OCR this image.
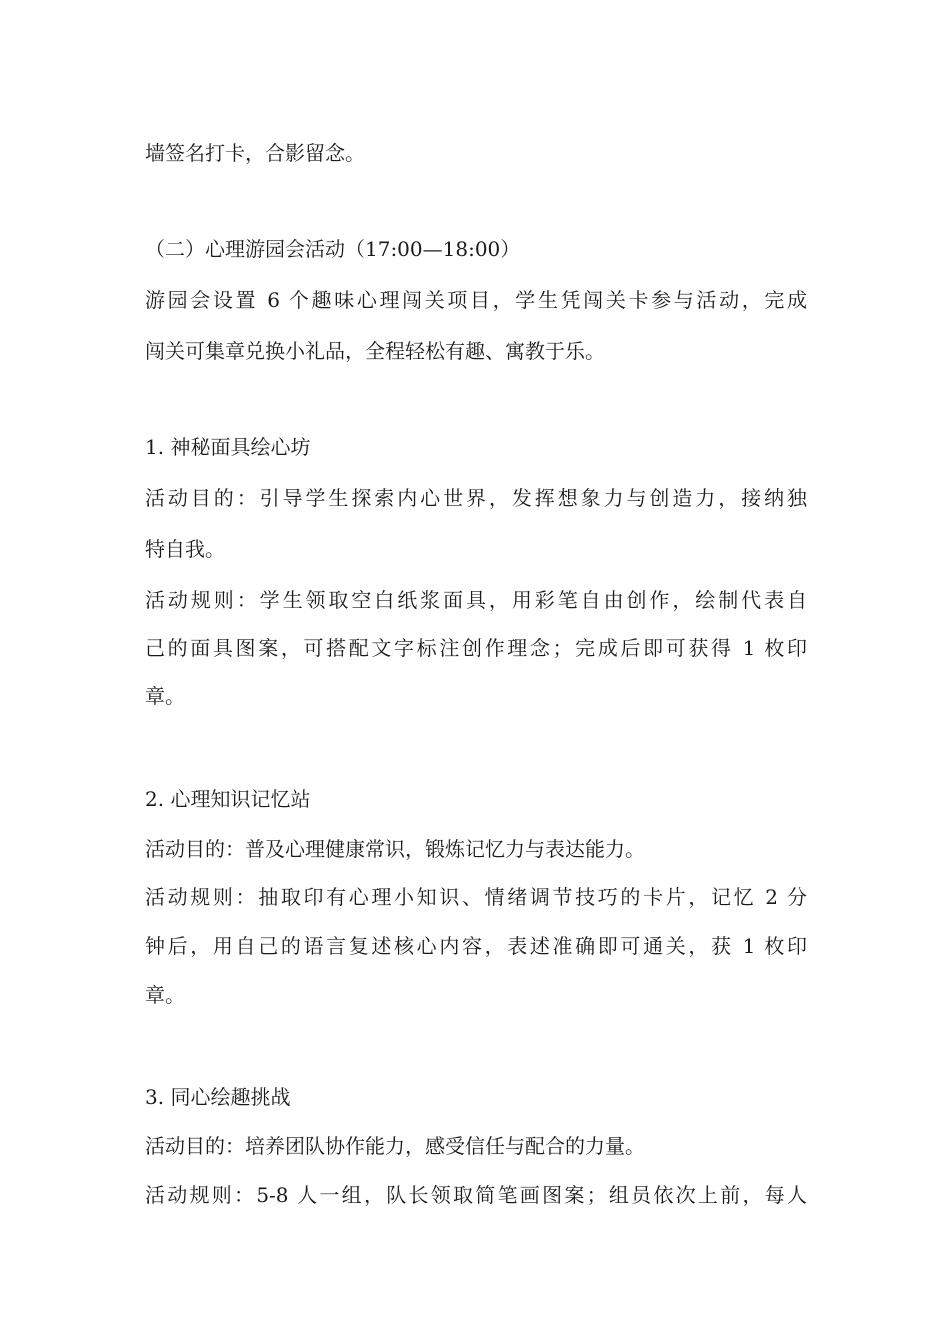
墙签名打卡，合影留念。
（二）心理游园会活动（17:00—18:00）
游园会设置 6 个趣味心理闯关项目，学生凭闯关卡参与活动，完成
闯关可集章兑换小礼品，全程轻松有趣、寓教于乐。
1. 神秘面具绘心坊
活动目的：引导学生探索内心世界，发挥想象力与创造力，接纳独
特自我。
活动规则：学生领取空白纸浆面具，用彩笔自由创作，绘制代表自
己的面具图案，可搭配文字标注创作理念；完成后即可获得 1 枚印
章。
2. 心理知识记忆站
活动目的：普及心理健康常识，锻炼记忆力与表达能力。
活动规则：抽取印有心理小知识、情绪调节技巧的卡片，记忆 2 分
钟后，用自己的语言复述核心内容，表述准确即可通关，获 1 枚印
章。
3. 同心绘趣挑战
活动目的：培养团队协作能力，感受信任与配合的力量。
活动规则：5-8 人一组，队长领取简笔画图案；组员依次上前，每人
